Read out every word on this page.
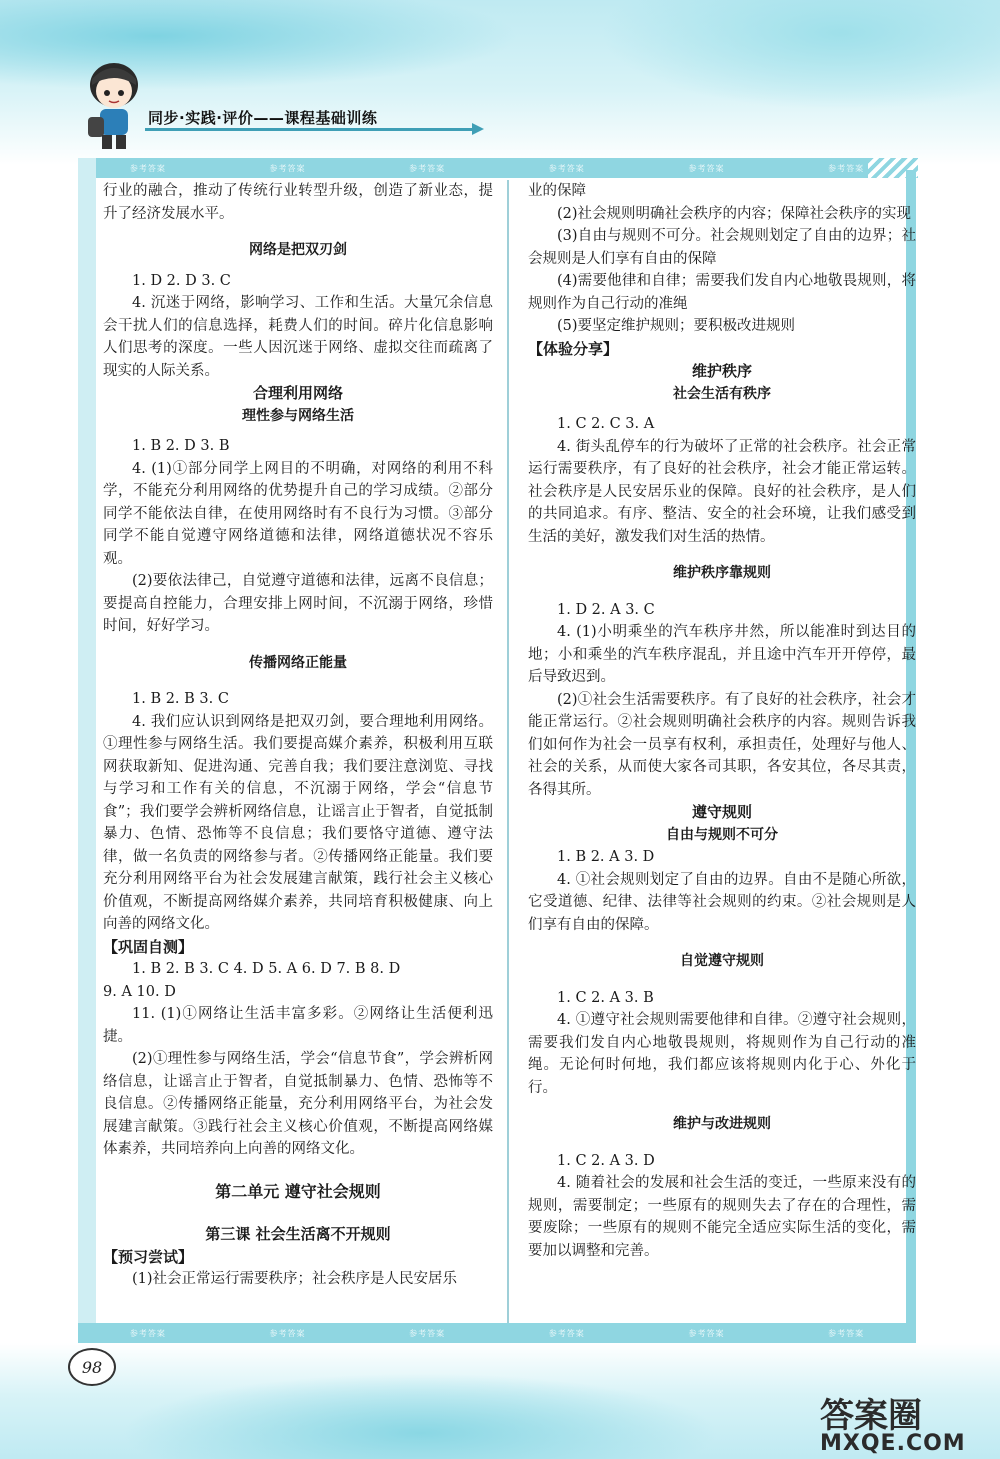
同步·实践·评价——课程基础训练
参考答案	参考答案	参考答案	参考答案	参考答案	参考答案

行业的融合，推动了传统行业转型升级，创造了新业态，提升了经济发展水平。

网络是把双刃剑

1. D 2. D 3. C

4. 沉迷于网络，影响学习、工作和生活。大量冗余信息会干扰人们的信息选择，耗费人们的时间。碎片化信息影响人们思考的深度。一些人因沉迷于网络、虚拟交往而疏离了现实的人际关系。

合理利用网络

理性参与网络生活

1. B 2. D 3. B

4. (1)①部分同学上网目的不明确，对网络的利用不科学，不能充分利用网络的优势提升自己的学习成绩。②部分同学不能依法自律，在使用网络时有不良行为习惯。③部分同学不能自觉遵守网络道德和法律，网络道德状况不容乐观。

(2)要依法律己，自觉遵守道德和法律，远离不良信息；要提高自控能力，合理安排上网时间，不沉溺于网络，珍惜时间，好好学习。

传播网络正能量

1. B 2. B 3. C

4. 我们应认识到网络是把双刃剑，要合理地利用网络。①理性参与网络生活。我们要提高媒介素养，积极利用互联网获取新知、促进沟通、完善自我；我们要注意浏览、寻找与学习和工作有关的信息，不沉溺于网络，学会“信息节食”；我们要学会辨析网络信息，让谣言止于智者，自觉抵制暴力、色情、恐怖等不良信息；我们要恪守道德、遵守法律，做一名负责的网络参与者。②传播网络正能量。我们要充分利用网络平台为社会发展建言献策，践行社会主义核心价值观，不断提高网络媒介素养，共同培育积极健康、向上向善的网络文化。

【巩固自测】

1. B 2. B 3. C 4. D 5. A 6. D 7. B 8. D

9. A 10. D

11. (1)①网络让生活丰富多彩。②网络让生活便利迅捷。

(2)①理性参与网络生活，学会“信息节食”，学会辨析网络信息，让谣言止于智者，自觉抵制暴力、色情、恐怖等不良信息。②传播网络正能量，充分利用网络平台，为社会发展建言献策。③践行社会主义核心价值观，不断提高网络媒体素养，共同培养向上向善的网络文化。

第二单元 遵守社会规则

第三课 社会生活离不开规则

【预习尝试】

(1)社会正常运行需要秩序；社会秩序是人民安居乐

业的保障

(2)社会规则明确社会秩序的内容；保障社会秩序的实现

(3)自由与规则不可分。社会规则划定了自由的边界；社会规则是人们享有自由的保障

(4)需要他律和自律；需要我们发自内心地敬畏规则，将规则作为自己行动的准绳

(5)要坚定维护规则；要积极改进规则

【体验分享】

维护秩序

社会生活有秩序

1. C 2. C 3. A

4. 街头乱停车的行为破坏了正常的社会秩序。社会正常运行需要秩序，有了良好的社会秩序，社会才能正常运转。社会秩序是人民安居乐业的保障。良好的社会秩序，是人们的共同追求。有序、整洁、安全的社会环境，让我们感受到生活的美好，激发我们对生活的热情。

维护秩序靠规则

1. D 2. A 3. C

4. (1)小明乘坐的汽车秩序井然，所以能准时到达目的地；小和乘坐的汽车秩序混乱，并且途中汽车开开停停，最后导致迟到。

(2)①社会生活需要秩序。有了良好的社会秩序，社会才能正常运行。②社会规则明确社会秩序的内容。规则告诉我们如何作为社会一员享有权利，承担责任，处理好与他人、社会的关系，从而使大家各司其职，各安其位，各尽其责，各得其所。

遵守规则

自由与规则不可分

1. B 2. A 3. D

4. ①社会规则划定了自由的边界。自由不是随心所欲，它受道德、纪律、法律等社会规则的约束。②社会规则是人们享有自由的保障。

自觉遵守规则

1. C 2. A 3. B

4. ①遵守社会规则需要他律和自律。②遵守社会规则，需要我们发自内心地敬畏规则，将规则作为自己行动的准绳。无论何时何地，我们都应该将规则内化于心、外化于行。

维护与改进规则

1. C 2. A 3. D

4. 随着社会的发展和社会生活的变迁，一些原来没有的规则，需要制定；一些原有的规则失去了存在的合理性，需要废除；一些原有的规则不能完全适应实际生活的变化，需要加以调整和完善。

参考答案	参考答案	参考答案	参考答案	参考答案	参考答案
98
答案圈
MXQE.COM
